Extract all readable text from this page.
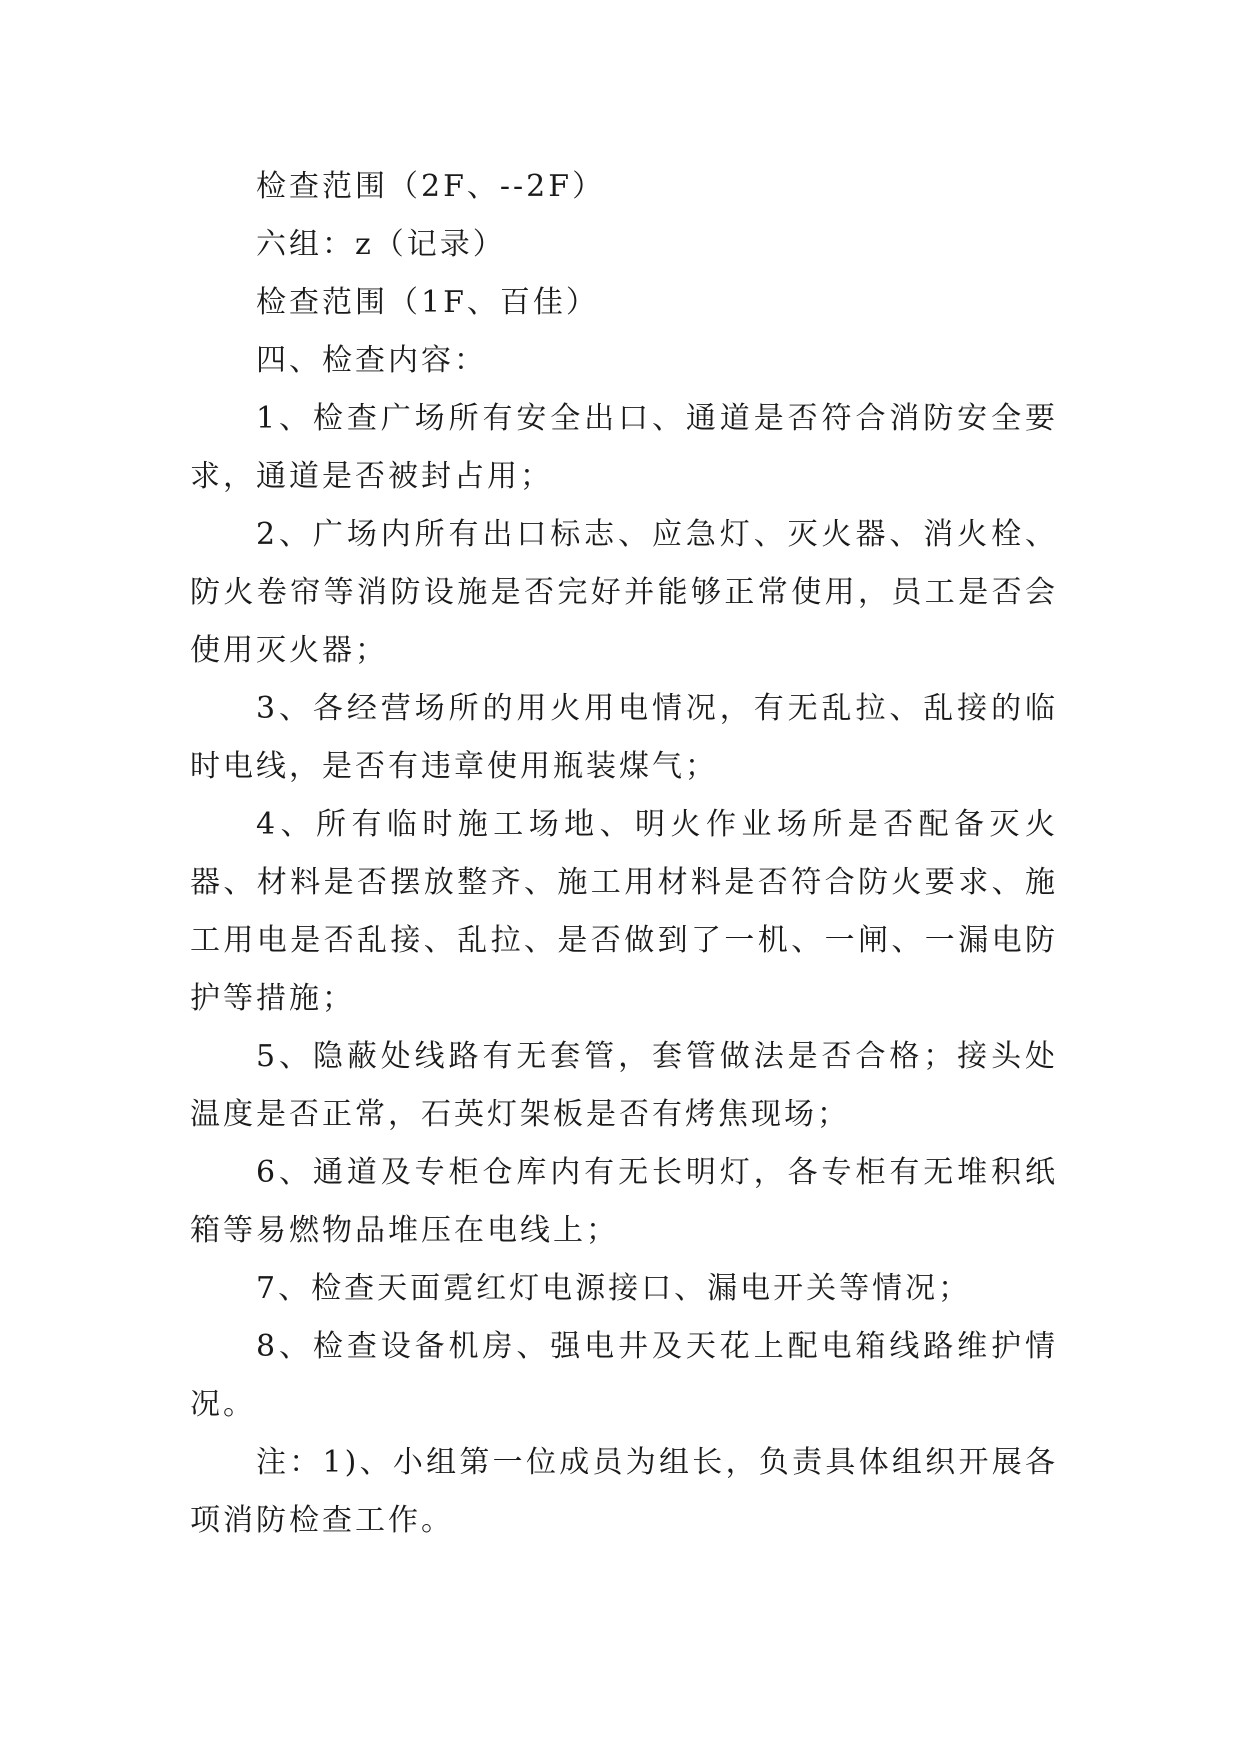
检查范围（2F、--2F）

六组：z（记录）

检查范围（1F、百佳）

四、检查内容：

1、检查广场所有安全出口、通道是否符合消防安全要求，通道是否被封占用；

2、广场内所有出口标志、应急灯、灭火器、消火栓、防火卷帘等消防设施是否完好并能够正常使用，员工是否会使用灭火器；

3、各经营场所的用火用电情况，有无乱拉、乱接的临时电线，是否有违章使用瓶装煤气；

4、所有临时施工场地、明火作业场所是否配备灭火器、材料是否摆放整齐、施工用材料是否符合防火要求、施工用电是否乱接、乱拉、是否做到了一机、一闸、一漏电防护等措施；

5、隐蔽处线路有无套管，套管做法是否合格；接头处温度是否正常，石英灯架板是否有烤焦现场；

6、通道及专柜仓库内有无长明灯，各专柜有无堆积纸箱等易燃物品堆压在电线上；

7、检查天面霓红灯电源接口、漏电开关等情况；

8、检查设备机房、强电井及天花上配电箱线路维护情况。

注：1)、小组第一位成员为组长，负责具体组织开展各项消防检查工作。
